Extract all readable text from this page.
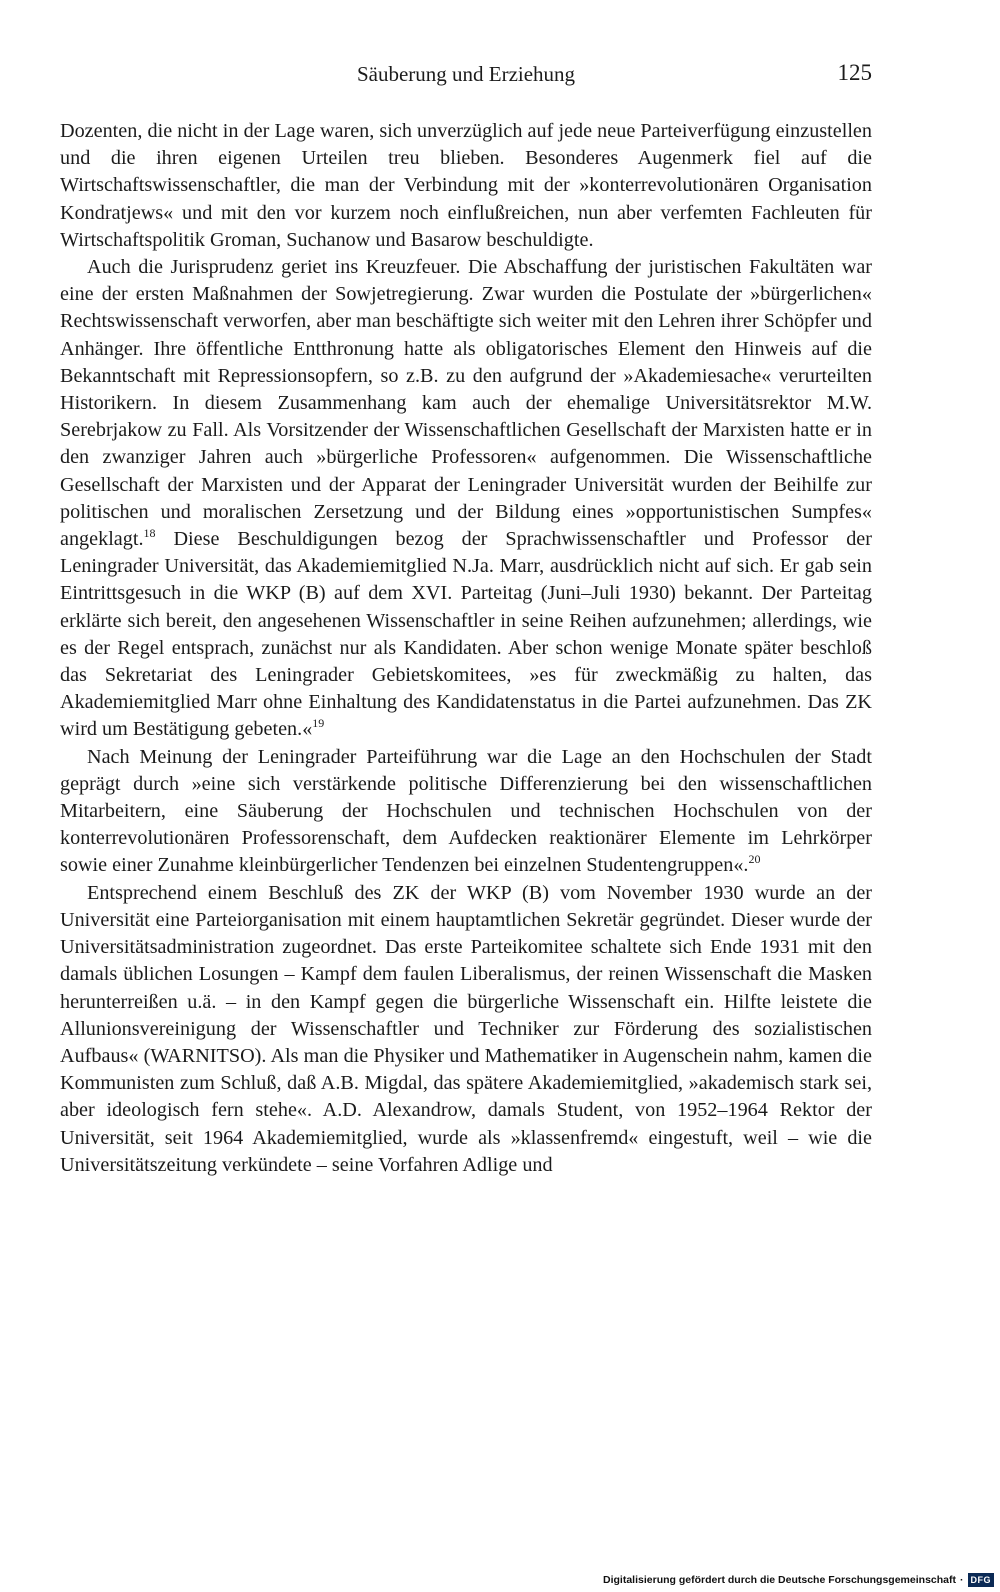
Säuberung und Erziehung	125

Dozenten, die nicht in der Lage waren, sich unverzüglich auf jede neue Parteiverfügung einzustellen und die ihren eigenen Urteilen treu blieben. Besonderes Augenmerk fiel auf die Wirtschaftswissenschaftler, die man der Verbindung mit der »konterrevolutionären Organisation Kondratjews« und mit den vor kurzem noch einflußreichen, nun aber verfemten Fachleuten für Wirtschaftspolitik Groman, Suchanow und Basarow beschuldigte.

Auch die Jurisprudenz geriet ins Kreuzfeuer. Die Abschaffung der juristischen Fakultäten war eine der ersten Maßnahmen der Sowjetregierung. Zwar wurden die Postulate der »bürgerlichen« Rechtswissenschaft verworfen, aber man beschäftigte sich weiter mit den Lehren ihrer Schöpfer und Anhänger. Ihre öffentliche Entthronung hatte als obligatorisches Element den Hinweis auf die Bekanntschaft mit Repressionsopfern, so z.B. zu den aufgrund der »Akademiesache« verurteilten Historikern. In diesem Zusammenhang kam auch der ehemalige Universitätsrektor M.W. Serebrjakow zu Fall. Als Vorsitzender der Wissenschaftlichen Gesellschaft der Marxisten hatte er in den zwanziger Jahren auch »bürgerliche Professoren« aufgenommen. Die Wissenschaftliche Gesellschaft der Marxisten und der Apparat der Leningrader Universität wurden der Beihilfe zur politischen und moralischen Zersetzung und der Bildung eines »opportunistischen Sumpfes« angeklagt.$^{18}$ Diese Beschuldigungen bezog der Sprachwissenschaftler und Professor der Leningrader Universität, das Akademiemitglied N.Ja. Marr, ausdrücklich nicht auf sich. Er gab sein Eintrittsgesuch in die WKP (B) auf dem XVI. Parteitag (Juni–Juli 1930) bekannt. Der Parteitag erklärte sich bereit, den angesehenen Wissenschaftler in seine Reihen aufzunehmen; allerdings, wie es der Regel entsprach, zunächst nur als Kandidaten. Aber schon wenige Monate später beschloß das Sekretariat des Leningrader Gebietskomitees, »es für zweckmäßig zu halten, das Akademiemitglied Marr ohne Einhaltung des Kandidatenstatus in die Partei aufzunehmen. Das ZK wird um Bestätigung gebeten.«$^{19}$

Nach Meinung der Leningrader Parteiführung war die Lage an den Hochschulen der Stadt geprägt durch »eine sich verstärkende politische Differenzierung bei den wissenschaftlichen Mitarbeitern, eine Säuberung der Hochschulen und technischen Hochschulen von der konterrevolutionären Professorenschaft, dem Aufdecken reaktionärer Elemente im Lehrkörper sowie einer Zunahme kleinbürgerlicher Tendenzen bei einzelnen Studentengruppen«.$^{20}$

Entsprechend einem Beschluß des ZK der WKP (B) vom November 1930 wurde an der Universität eine Parteiorganisation mit einem hauptamtlichen Sekretär gegründet. Dieser wurde der Universitätsadministration zugeordnet. Das erste Parteikomitee schaltete sich Ende 1931 mit den damals üblichen Losungen – Kampf dem faulen Liberalismus, der reinen Wissenschaft die Masken herunterreißen u.ä. – in den Kampf gegen die bürgerliche Wissenschaft ein. Hilfte leistete die Allunionsvereinigung der Wissenschaftler und Techniker zur Förderung des sozialistischen Aufbaus« (WARNITSO). Als man die Physiker und Mathematiker in Augenschein nahm, kamen die Kommunisten zum Schluß, daß A.B. Migdal, das spätere Akademiemitglied, »akademisch stark sei, aber ideologisch fern stehe«. A.D. Alexandrow, damals Student, von 1952–1964 Rektor der Universität, seit 1964 Akademiemitglied, wurde als »klassenfremd« eingestuft, weil – wie die Universitätszeitung verkündete – seine Vorfahren Adlige und

Digitalisierung gefördert durch die Deutsche Forschungsgemeinschaft · DFG
